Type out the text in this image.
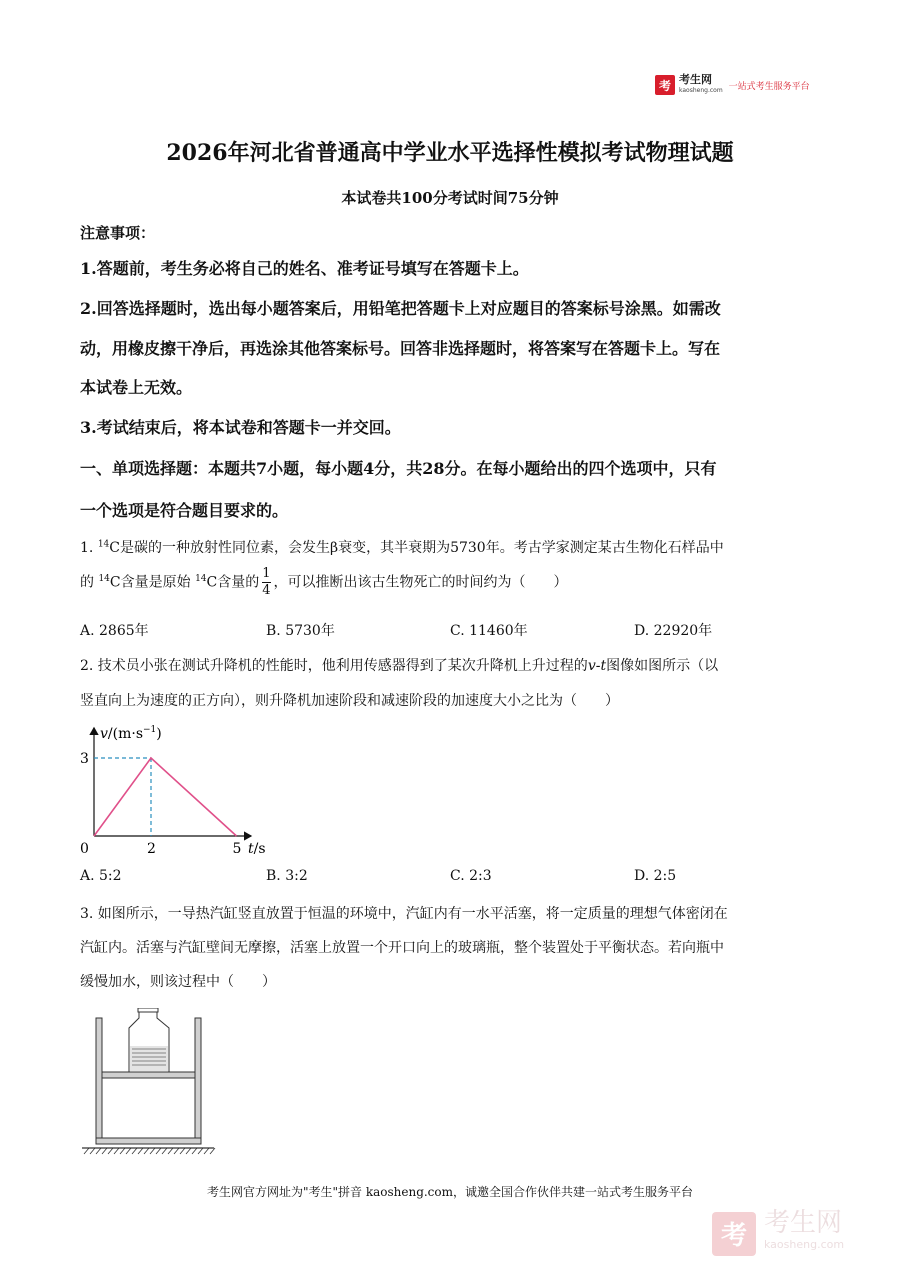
考 考生网
kaosheng.com 一站式考生服务平台
2026年河北省普通高中学业水平选择性模拟考试物理试题
本试卷共100分考试时间75分钟
注意事项：
1.答题前，考生务必将自己的姓名、准考证号填写在答题卡上。
2.回答选择题时，选出每小题答案后，用铅笔把答题卡上对应题目的答案标号涂黑。如需改
动，用橡皮擦干净后，再选涂其他答案标号。回答非选择题时，将答案写在答题卡上。写在
本试卷上无效。
3.考试结束后，将本试卷和答题卡一并交回。
一、单项选择题：本题共7小题，每小题4分，共28分。在每小题给出的四个选项中，只有
一个选项是符合题目要求的。
1. $^{14}$C是碳的一种放射性同位素，会发生β衰变，其半衰期为5730年。考古学家测定某古生物化石样品中
的 $^{14}$C含量是原始 $^{14}$C含量的 $\frac{1}{4}$ ，可以推断出该古生物死亡的时间约为（　　）
A. 2865年	B. 5730年	C. 11460年	D. 22920年
2. 技术员小张在测试升降机的性能时，他利用传感器得到了某次升降机上升过程的v-t图像如图所示（以
竖直向上为速度的正方向），则升降机加速阶段和减速阶段的加速度大小之比为（　　）
$v/(m\cdot s^{-1})$
3
0	2	5 t/s
A. 5:2	B. 3:2	C. 2:3	D. 2:5
3. 如图所示，一导热汽缸竖直放置于恒温的环境中，汽缸内有一水平活塞，将一定质量的理想气体密闭在
汽缸内。活塞与汽缸壁间无摩擦，活塞上放置一个开口向上的玻璃瓶，整个装置处于平衡状态。若向瓶中
缓慢加水，则该过程中（　　）
考生网官方网址为"考生"拼音 kaosheng.com，诚邀全国合作伙伴共建一站式考生服务平台
考 考生网
kaosheng.com
